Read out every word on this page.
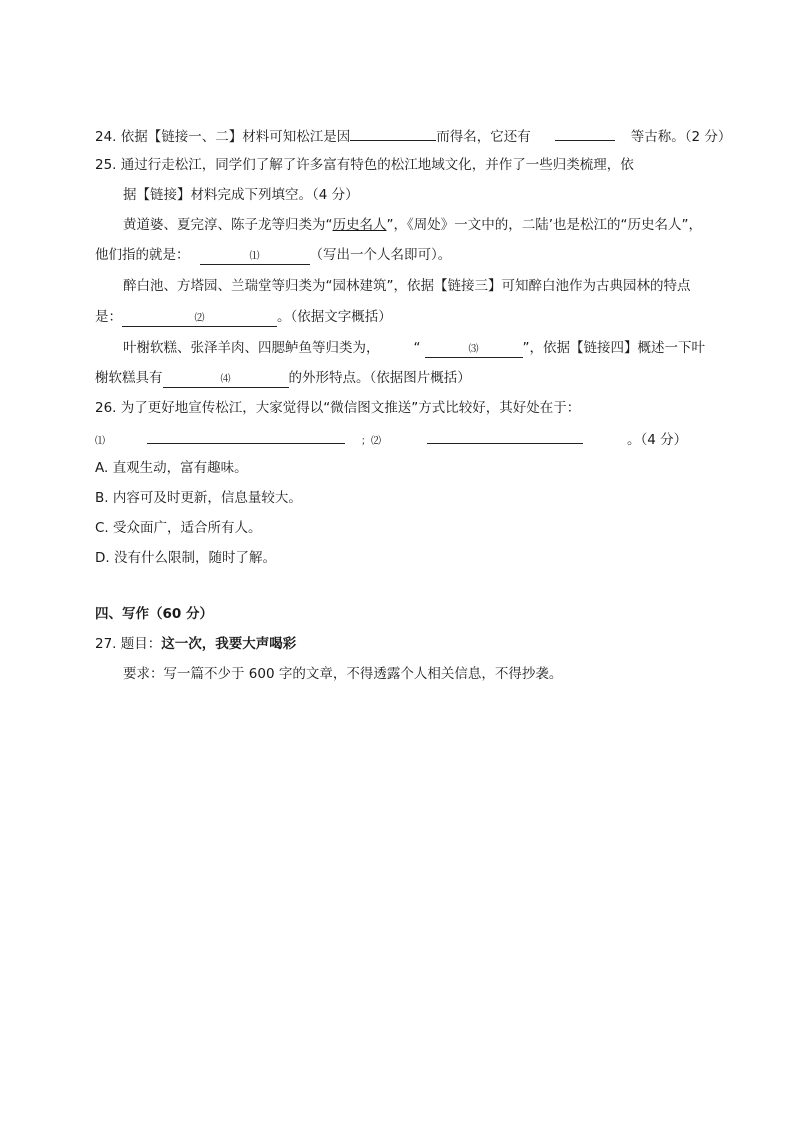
24. 依据【链接一、二】材料可知松江是因	而得名，它还有	等古称。（2 分）
25. 通过行走松江，同学们了解了许多富有特色的松江地域文化，并作了一些归类梳理，依
据【链接】材料完成下列填空。（4 分）
黄道婆、夏完淳、陈子龙等归类为“历史名人”，《周处》一文中的，二陆’也是松江的“历史名人”，
他们指的就是：	⑴	（写出一个人名即可）。
醉白池、方塔园、兰瑞堂等归类为“园林建筑”，依据【链接三】可知醉白池作为古典园林的特点
是：	⑵	。（依据文字概括）
叶榭软糕、张泽羊肉、四腮鲈鱼等归类为，	“	⑶	”，依据【链接四】概述一下叶
榭软糕具有	⑷	的外形特点。（依据图片概括）
26. 为了更好地宣传松江，大家觉得以“微信图文推送”方式比较好，其好处在于：
⑴	；⑵	。（4 分）
A. 直观生动，富有趣味。
B. 内容可及时更新，信息量较大。
C. 受众面广，适合所有人。
D. 没有什么限制，随时了解。
四、写作（60 分）
27. 题目：这一次，我要大声喝彩
要求：写一篇不少于 600 字的文章，不得透露个人相关信息，不得抄袭。
